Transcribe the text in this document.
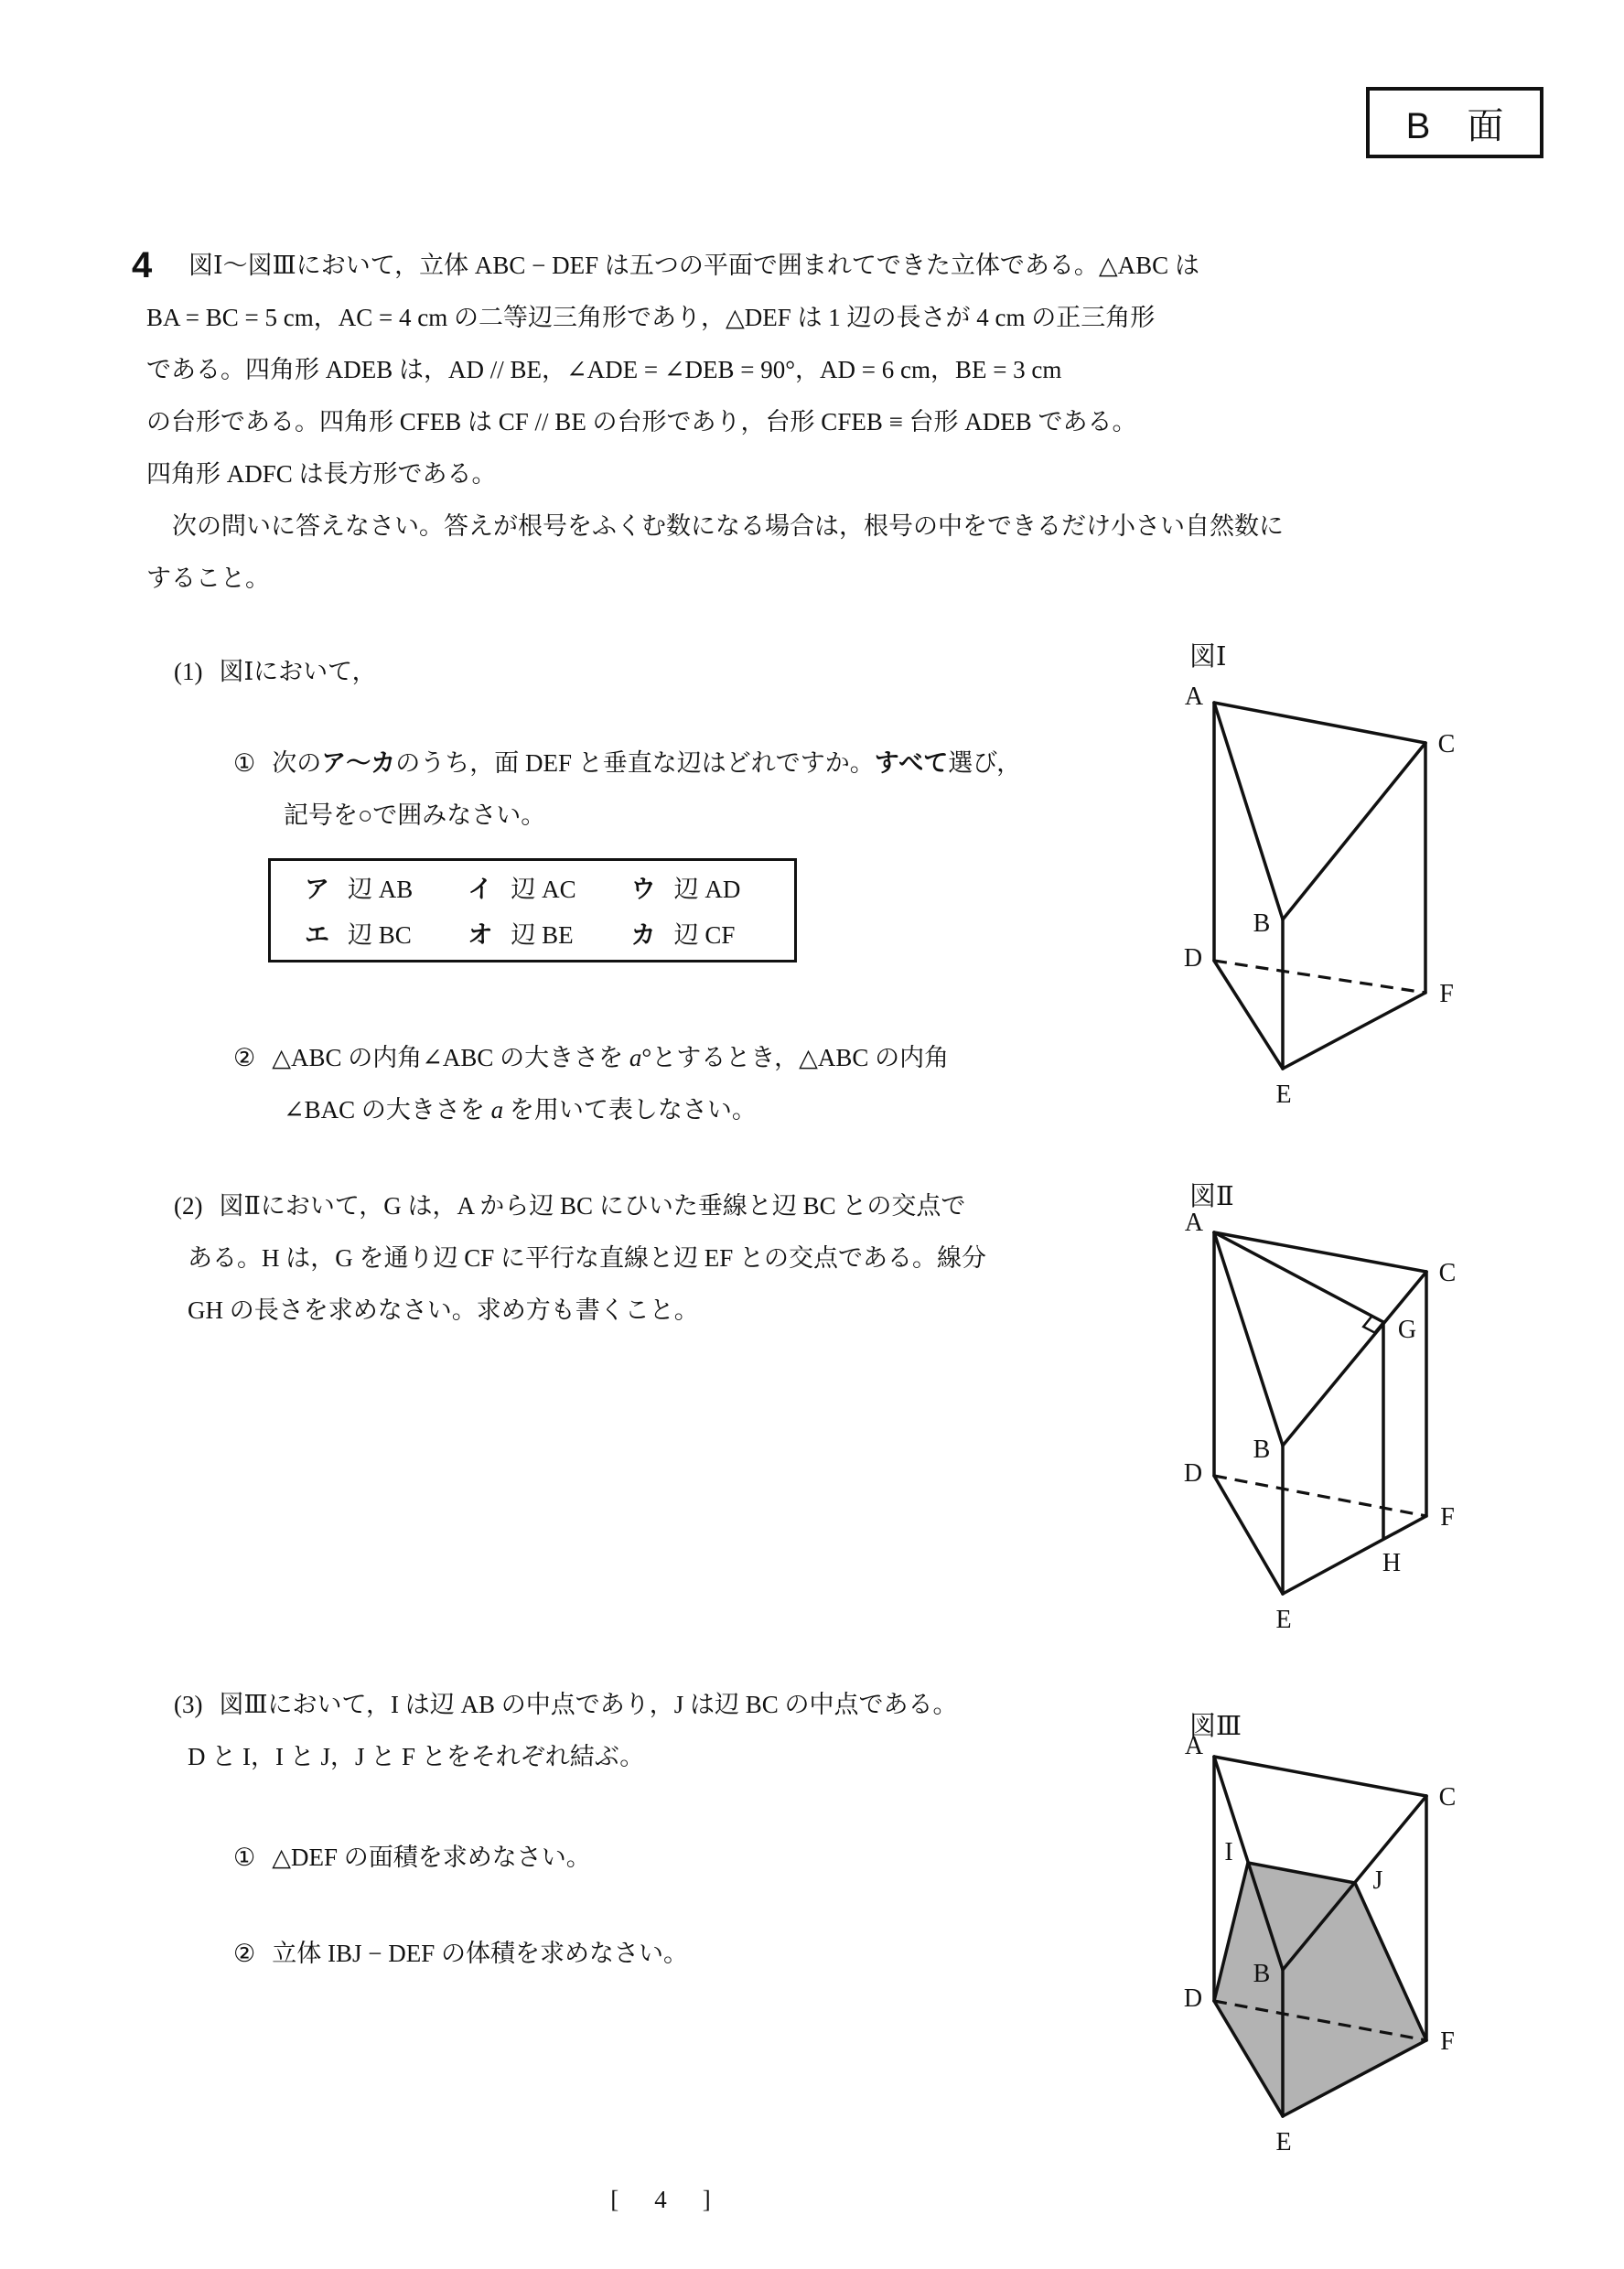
B　面
4	図Ⅰ～図Ⅲにおいて，立体 ABC − DEF は五つの平面で囲まれてできた立体である。△ABC は
BA = BC = 5 cm，AC = 4 cm の二等辺三角形であり，△DEF は 1 辺の長さが 4 cm の正三角形
である。四角形 ADEB は，AD // BE，∠ADE = ∠DEB = 90°，AD = 6 cm，BE = 3 cm
の台形である。四角形 CFEB は CF // BE の台形であり，台形 CFEB ≡ 台形 ADEB である。
四角形 ADFC は長方形である。
次の問いに答えなさい。答えが根号をふくむ数になる場合は，根号の中をできるだけ小さい自然数に
すること。
(1) 図Ⅰにおいて，
① 次のア～カのうち，面 DEF と垂直な辺はどれですか。すべて選び，
記号を○で囲みなさい。
ア 辺 AB	イ 辺 AC	ウ 辺 AD
エ 辺 BC	オ 辺 BE	カ 辺 CF
② △ABC の内角∠ABC の大きさを a°とするとき，△ABC の内角
∠BAC の大きさを a を用いて表しなさい。
(2) 図Ⅱにおいて，G は，A から辺 BC にひいた垂線と辺 BC との交点で
ある。H は，G を通り辺 CF に平行な直線と辺 EF との交点である。線分
GH の長さを求めなさい。求め方も書くこと。
(3) 図Ⅲにおいて，I は辺 AB の中点であり，J は辺 BC の中点である。
D と I，I と J，J と F とをそれぞれ結ぶ。
① △DEF の面積を求めなさい。
② 立体 IBJ − DEF の体積を求めなさい。
図Ⅰ
A
C
B
D
F
E
図Ⅱ
A
C
B
D
F
E
G
H
図Ⅲ
A
C
I
J
B
D
F
E
[　4　]
